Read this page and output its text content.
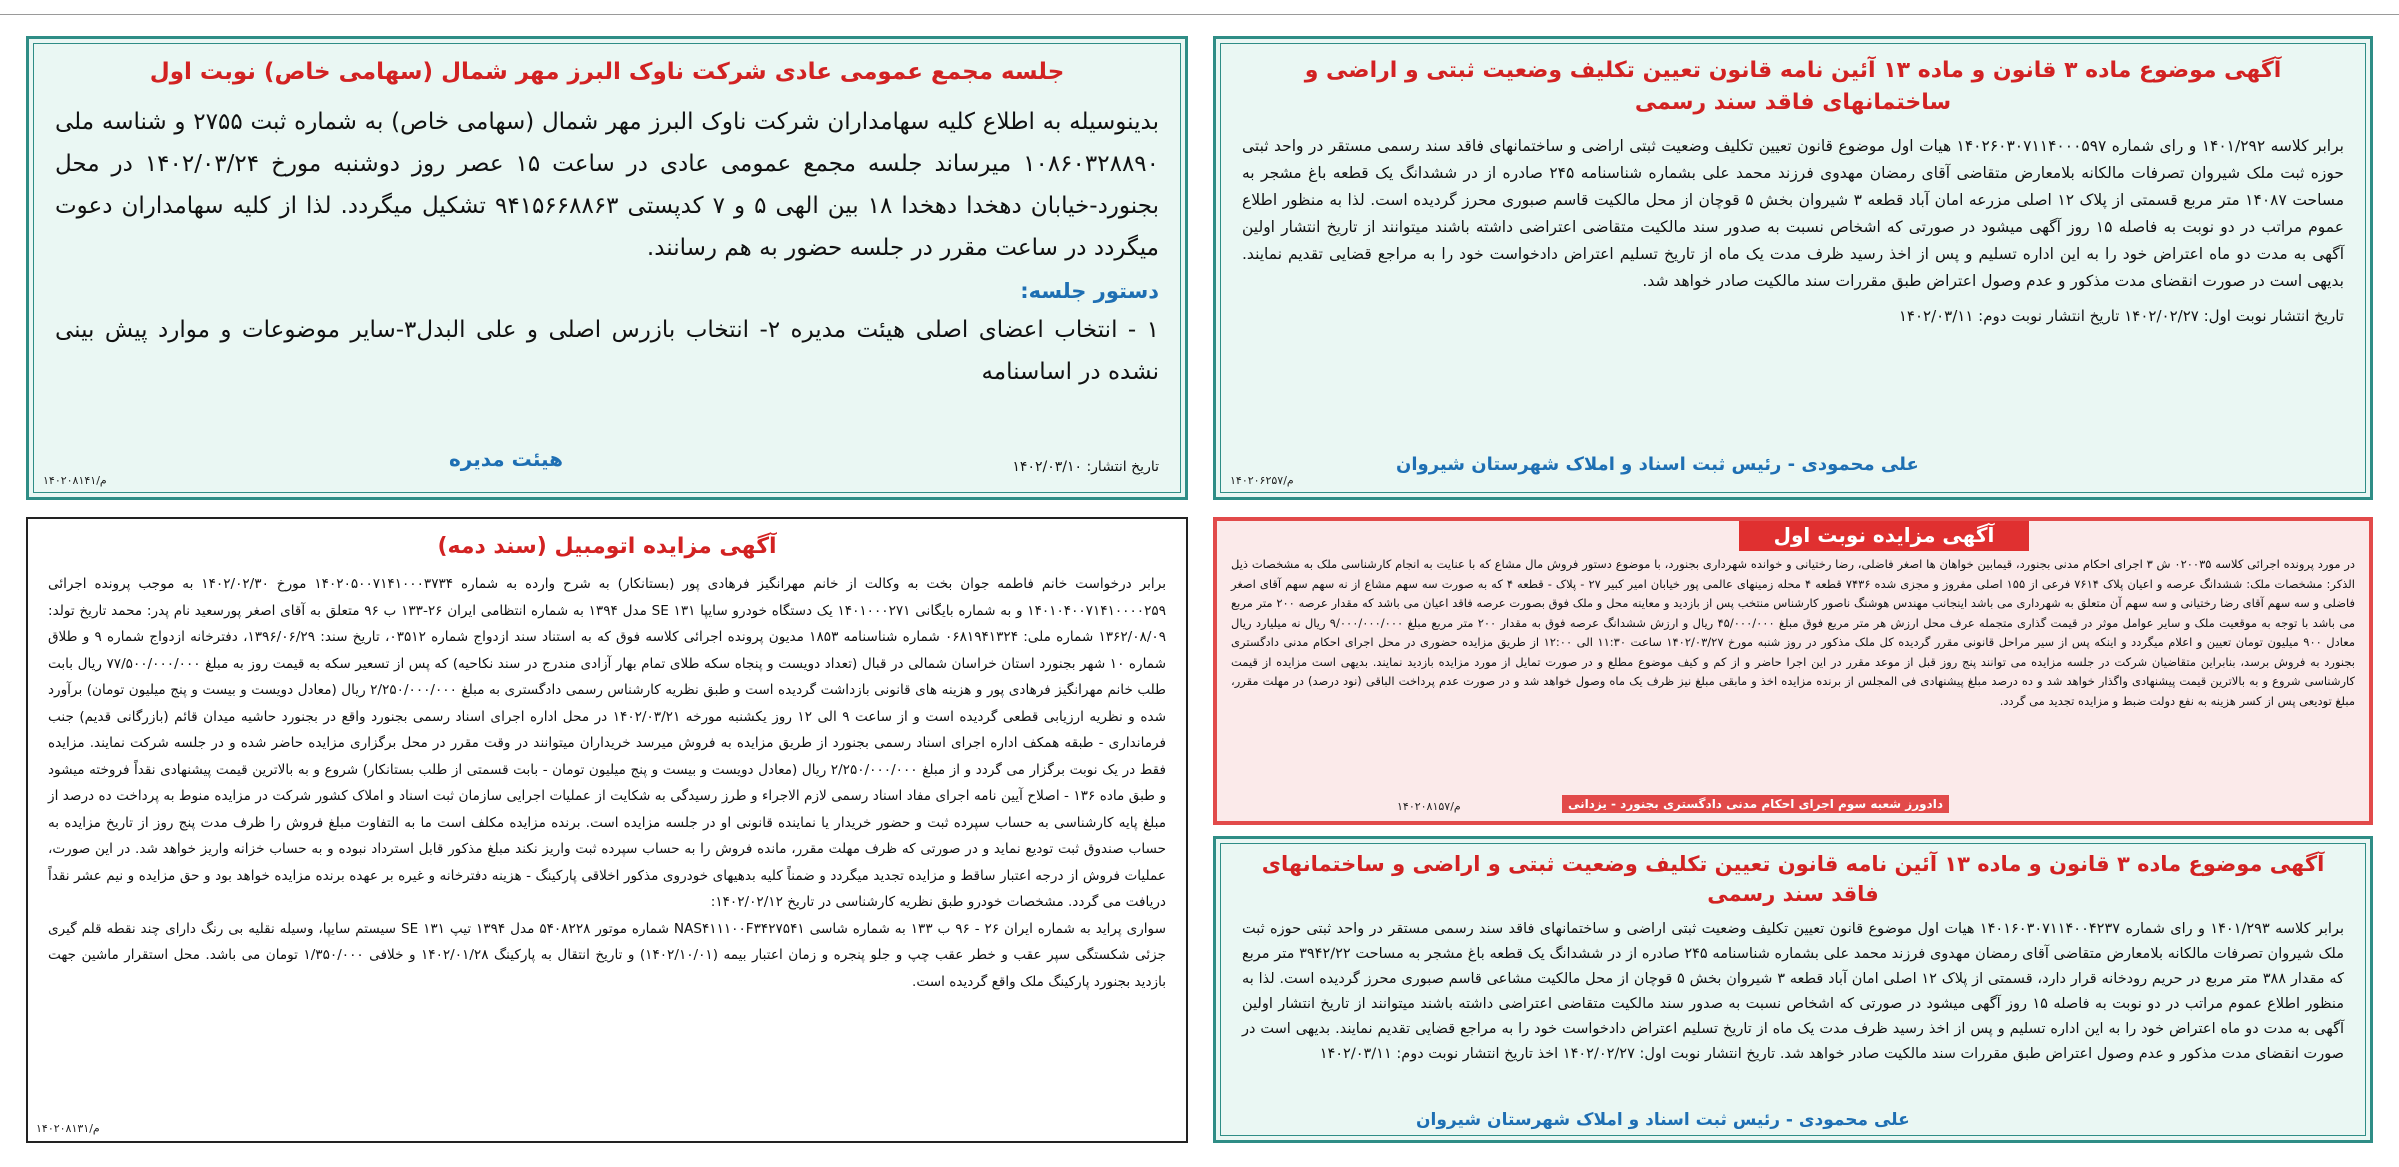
آگهی موضوع ماده ۳ قانون و ماده ۱۳ آئین نامه قانون تعیین تکلیف وضعیت ثبتی و اراضی و ساختمانهای فاقد سند رسمی
برابر کلاسه ۱۴۰۱/۲۹۲ و رای شماره ۱۴۰۲۶۰۳۰۷۱۱۴۰۰۰۵۹۷ هیات اول موضوع قانون تعیین تکلیف وضعیت ثبتی اراضی و ساختمانهای فاقد سند رسمی مستقر در واحد ثبتی حوزه ثبت ملک شیروان تصرفات مالکانه بلامعارض متقاضی آقای رمضان مهدوی فرزند محمد علی بشماره شناسنامه ۲۴۵ صادره از در ششدانگ یک قطعه باغ مشجر به مساحت ۱۴۰۸۷ متر مربع قسمتی از پلاک ۱۲ اصلی مزرعه امان آباد قطعه ۳ شیروان بخش ۵ قوچان از محل مالکیت قاسم صبوری محرز گردیده است. لذا به منظور اطلاع عموم مراتب در دو نوبت به فاصله ۱۵ روز آگهی میشود در صورتی که اشخاص نسبت به صدور سند مالکیت متقاضی اعتراضی داشته باشند میتوانند از تاریخ انتشار اولین آگهی به مدت دو ماه اعتراض خود را به این اداره تسلیم و پس از اخذ رسید ظرف مدت یک ماه از تاریخ تسلیم اعتراض دادخواست خود را به مراجع قضایی تقدیم نمایند. بدیهی است در صورت انقضای مدت مذکور و عدم وصول اعتراض طبق مقررات سند مالکیت صادر خواهد شد.
تاریخ انتشار نوبت اول: ۱۴۰۲/۰۲/۲۷ تاریخ انتشار نوبت دوم: ۱۴۰۲/۰۳/۱۱
علی محمودی - رئیس ثبت اسناد و املاک شهرستان شیروان
م/۱۴۰۲۰۶۲۵۷
جلسه مجمع عمومی عادی شرکت ناوک البرز مهر شمال (سهامی خاص) نوبت اول
بدینوسیله به اطلاع کلیه سهامداران شرکت ناوک البرز مهر شمال (سهامی خاص) به شماره ثبت ۲۷۵۵ و شناسه ملی ۱۰۸۶۰۳۲۸۸۹۰ میرساند جلسه مجمع عمومی عادی در ساعت ۱۵ عصر روز دوشنبه مورخ ۱۴۰۲/۰۳/۲۴ در محل بجنورد-خیابان دهخدا دهخدا ۱۸ بین الهی ۵ و ۷ کدپستی ۹۴۱۵۶۶۸۸۶۳ تشکیل میگردد. لذا از کلیه سهامداران دعوت میگردد در ساعت مقرر در جلسه حضور به هم رسانند.
دستور جلسه:
۱ - انتخاب اعضای اصلی هیئت مدیره ۲- انتخاب بازرس اصلی و علی البدل۳-سایر موضوعات و موارد پیش بینی نشده در اساسنامه
تاریخ انتشار: ۱۴۰۲/۰۳/۱۰
هیئت مدیره
م/۱۴۰۲۰۸۱۴۱
آگهی مزایده نوبت اول
در مورد پرونده اجرائی کلاسه ۰۲۰۰۳۵ ش ۳ اجرای احکام مدنی بجنورد، قیمابین خواهان ها اصغر فاضلی، رضا رختیانی و خوانده شهرداری بجنورد، با موضوع دستور فروش مال مشاع که با عنایت به انجام کارشناسی ملک به مشخصات ذیل الذکر: مشخصات ملک: ششدانگ عرصه و اعیان پلاک ۷۶۱۴ فرعی از ۱۵۵ اصلی مفروز و مجزی شده ۷۴۳۶ قطعه ۴ محله زمینهای عالمی پور خیابان امیر کبیر ۲۷ - پلاک - قطعه ۴ که به صورت سه سهم مشاع از نه سهم سهم آقای اصغر فاضلی و سه سهم آقای رضا رختیانی و سه سهم آن متعلق به شهرداری می باشد اینجانب مهندس هوشنگ ناصور کارشناس منتخب پس از بازدید و معاینه محل و ملک فوق بصورت عرصه فاقد اعیان می باشد که مقدار عرصه ۲۰۰ متر مربع می باشد با توجه به موقعیت ملک و سایر عوامل موثر در قیمت گذاری متجمله عرف محل ارزش هر متر مربع فوق مبلغ ۴۵/۰۰۰/۰۰۰ ریال و ارزش ششدانگ عرصه فوق به مقدار ۲۰۰ متر مربع مبلغ ۹/۰۰۰/۰۰۰/۰۰۰ ریال نه میلیارد ریال معادل ۹۰۰ میلیون تومان تعیین و اعلام میگردد و اینکه پس از سیر مراحل قانونی مقرر گردیده کل ملک مذکور در روز شنبه مورخ ۱۴۰۲/۰۳/۲۷ ساعت ۱۱:۳۰ الی ۱۲:۰۰ از طریق مزایده حضوری در محل اجرای احکام مدنی دادگستری بجنورد به فروش برسد، بنابراین متقاضیان شرکت در جلسه مزایده می توانند پنج روز قبل از موعد مقرر در این اجرا حاضر و از کم و کیف موضوع مطلع و در صورت تمایل از مورد مزایده بازدید نمایند. بدیهی است مزایده از قیمت کارشناسی شروع و به بالاترین قیمت پیشنهادی واگذار خواهد شد و ده درصد مبلغ پیشنهادی فی المجلس از برنده مزایده اخذ و مابقی مبلغ نیز ظرف یک ماه وصول خواهد شد و در صورت عدم پرداخت الباقی (نود درصد) در مهلت مقرر، مبلغ تودیعی پس از کسر هزینه به نفع دولت ضبط و مزایده تجدید می گردد.
دادورز شعبه سوم اجرای احکام مدنی دادگستری بجنورد - یزدانی
م/۱۴۰۲۰۸۱۵۷
آگهی مزایده اتومبیل (سند دمه)
برابر درخواست خانم فاطمه جوان بخت به وکالت از خانم مهرانگیز فرهادی پور (بستانکار) به شرح وارده به شماره ۱۴۰۲۰۵۰۰۷۱۴۱۰۰۰۳۷۳۴ مورخ ۱۴۰۲/۰۲/۳۰ به موجب پرونده اجرائی ۱۴۰۱۰۴۰۰۷۱۴۱۰۰۰۰۲۵۹ و به شماره بایگانی ۱۴۰۱۰۰۰۲۷۱ یک دستگاه خودرو سایپا ۱۳۱ SE مدل ۱۳۹۴ به شماره انتظامی ایران ۲۶-۱۳۳ ب ۹۶ متعلق به آقای اصغر پورسعید نام پدر: محمد تاریخ تولد: ۱۳۶۲/۰۸/۰۹ شماره ملی: ۰۶۸۱۹۴۱۳۲۴ شماره شناسنامه ۱۸۵۳ مدیون پرونده اجرائی کلاسه فوق که به استناد سند ازدواج شماره ۰۳۵۱۲، تاریخ سند: ۱۳۹۶/۰۶/۲۹، دفترخانه ازدواج شماره ۹ و طلاق شماره ۱۰ شهر بجنورد استان خراسان شمالی در قبال (تعداد دویست و پنجاه سکه طلای تمام بهار آزادی مندرج در سند نکاحیه) که پس از تسعیر سکه به قیمت روز به مبلغ ۷۷/۵۰۰/۰۰۰/۰۰۰ ریال بابت طلب خانم مهرانگیز فرهادی پور و هزینه های قانونی بازداشت گردیده است و طبق نظریه کارشناس رسمی دادگستری به مبلغ ۲/۲۵۰/۰۰۰/۰۰۰ ریال (معادل دویست و بیست و پنج میلیون تومان) برآورد شده و نظریه ارزیابی قطعی گردیده است و از ساعت ۹ الی ۱۲ روز یکشنبه مورخه ۱۴۰۲/۰۳/۲۱ در محل اداره اجرای اسناد رسمی بجنورد واقع در بجنورد حاشیه میدان قائم (بازرگانی قدیم) جنب فرمانداری - طبقه همکف اداره اجرای اسناد رسمی بجنورد از طریق مزایده به فروش میرسد خریداران میتوانند در وقت مقرر در محل برگزاری مزایده حاضر شده و در جلسه شرکت نمایند. مزایده فقط در یک نوبت برگزار می گردد و از مبلغ ۲/۲۵۰/۰۰۰/۰۰۰ ریال (معادل دویست و بیست و پنج میلیون تومان - بابت قسمتی از طلب بستانکار) شروع و به بالاترین قیمت پیشنهادی نقداً فروخته میشود و طبق ماده ۱۳۶ - اصلاح آیین نامه اجرای مفاد اسناد رسمی لازم الاجراء و طرز رسیدگی به شکایت از عملیات اجرایی سازمان ثبت اسناد و املاک کشور شرکت در مزایده منوط به پرداخت ده درصد از مبلغ پایه کارشناسی به حساب سپرده ثبت و حضور خریدار یا نماینده قانونی او در جلسه مزایده است. برنده مزایده مکلف است ما به التفاوت مبلغ فروش را ظرف مدت پنج روز از تاریخ مزایده به حساب صندوق ثبت تودیع نماید و در صورتی که ظرف مهلت مقرر، مانده فروش را به حساب سپرده ثبت واریز نکند مبلغ مذکور قابل استرداد نبوده و به حساب خزانه واریز خواهد شد. در این صورت، عملیات فروش از درجه اعتبار ساقط و مزایده تجدید میگردد و ضمناً کلیه بدهیهای خودروی مذکور اخلاقی پارکینگ - هزینه دفترخانه و غیره بر عهده برنده مزایده خواهد بود و حق مزایده و نیم عشر نقداً دریافت می گردد. مشخصات خودرو طبق نظریه کارشناسی در تاریخ ۱۴۰۲/۰۲/۱۲:
سواری پراید به شماره ایران ۲۶ - ۹۶ ب ۱۳۳ به شماره شاسی NAS۴۱۱۱۰۰F۳۴۲۷۵۴۱ شماره موتور ۵۴۰۸۲۲۸ مدل ۱۳۹۴ تیپ ۱۳۱ SE سیستم سایپا، وسیله نقلیه بی رنگ دارای چند نقطه قلم گیری جزئی شکستگی سپر عقب و خطر عقب چپ و جلو پنجره و زمان اعتبار بیمه (۱۴۰۲/۱۰/۰۱) و تاریخ انتقال به پارکینگ ۱۴۰۲/۰۱/۲۸ و خلافی ۱/۳۵۰/۰۰۰ تومان می باشد. محل استقرار ماشین جهت بازدید بجنورد پارکینگ ملک واقع گردیده است.
م/۱۴۰۲۰۸۱۳۱
آگهی موضوع ماده ۳ قانون و ماده ۱۳ آئین نامه قانون تعیین تکلیف وضعیت ثبتی و اراضی و ساختمانهای فاقد سند رسمی
برابر کلاسه ۱۴۰۱/۲۹۳ و رای شماره ۱۴۰۱۶۰۳۰۷۱۱۴۰۰۴۲۳۷ هیات اول موضوع قانون تعیین تکلیف وضعیت ثبتی اراضی و ساختمانهای فاقد سند رسمی مستقر در واحد ثبتی حوزه ثبت ملک شیروان تصرفات مالکانه بلامعارض متقاضی آقای رمضان مهدوی فرزند محمد علی بشماره شناسنامه ۲۴۵ صادره از در ششدانگ یک قطعه باغ مشجر به مساحت ۳۹۴۲/۲۲ متر مربع که مقدار ۳۸۸ متر مربع در حریم رودخانه قرار دارد، قسمتی از پلاک ۱۲ اصلی امان آباد قطعه ۳ شیروان بخش ۵ قوچان از محل مالکیت مشاعی قاسم صبوری محرز گردیده است. لذا به منظور اطلاع عموم مراتب در دو نوبت به فاصله ۱۵ روز آگهی میشود در صورتی که اشخاص نسبت به صدور سند مالکیت متقاضی اعتراضی داشته باشند میتوانند از تاریخ انتشار اولین آگهی به مدت دو ماه اعتراض خود را به این اداره تسلیم و پس از اخذ رسید ظرف مدت یک ماه از تاریخ تسلیم اعتراض دادخواست خود را به مراجع قضایی تقدیم نمایند. بدیهی است در صورت انقضای مدت مذکور و عدم وصول اعتراض طبق مقررات سند مالکیت صادر خواهد شد. تاریخ انتشار نوبت اول: ۱۴۰۲/۰۲/۲۷ اخذ تاریخ انتشار نوبت دوم: ۱۴۰۲/۰۳/۱۱
علی محمودی - رئیس ثبت اسناد و املاک شهرستان شیروان
